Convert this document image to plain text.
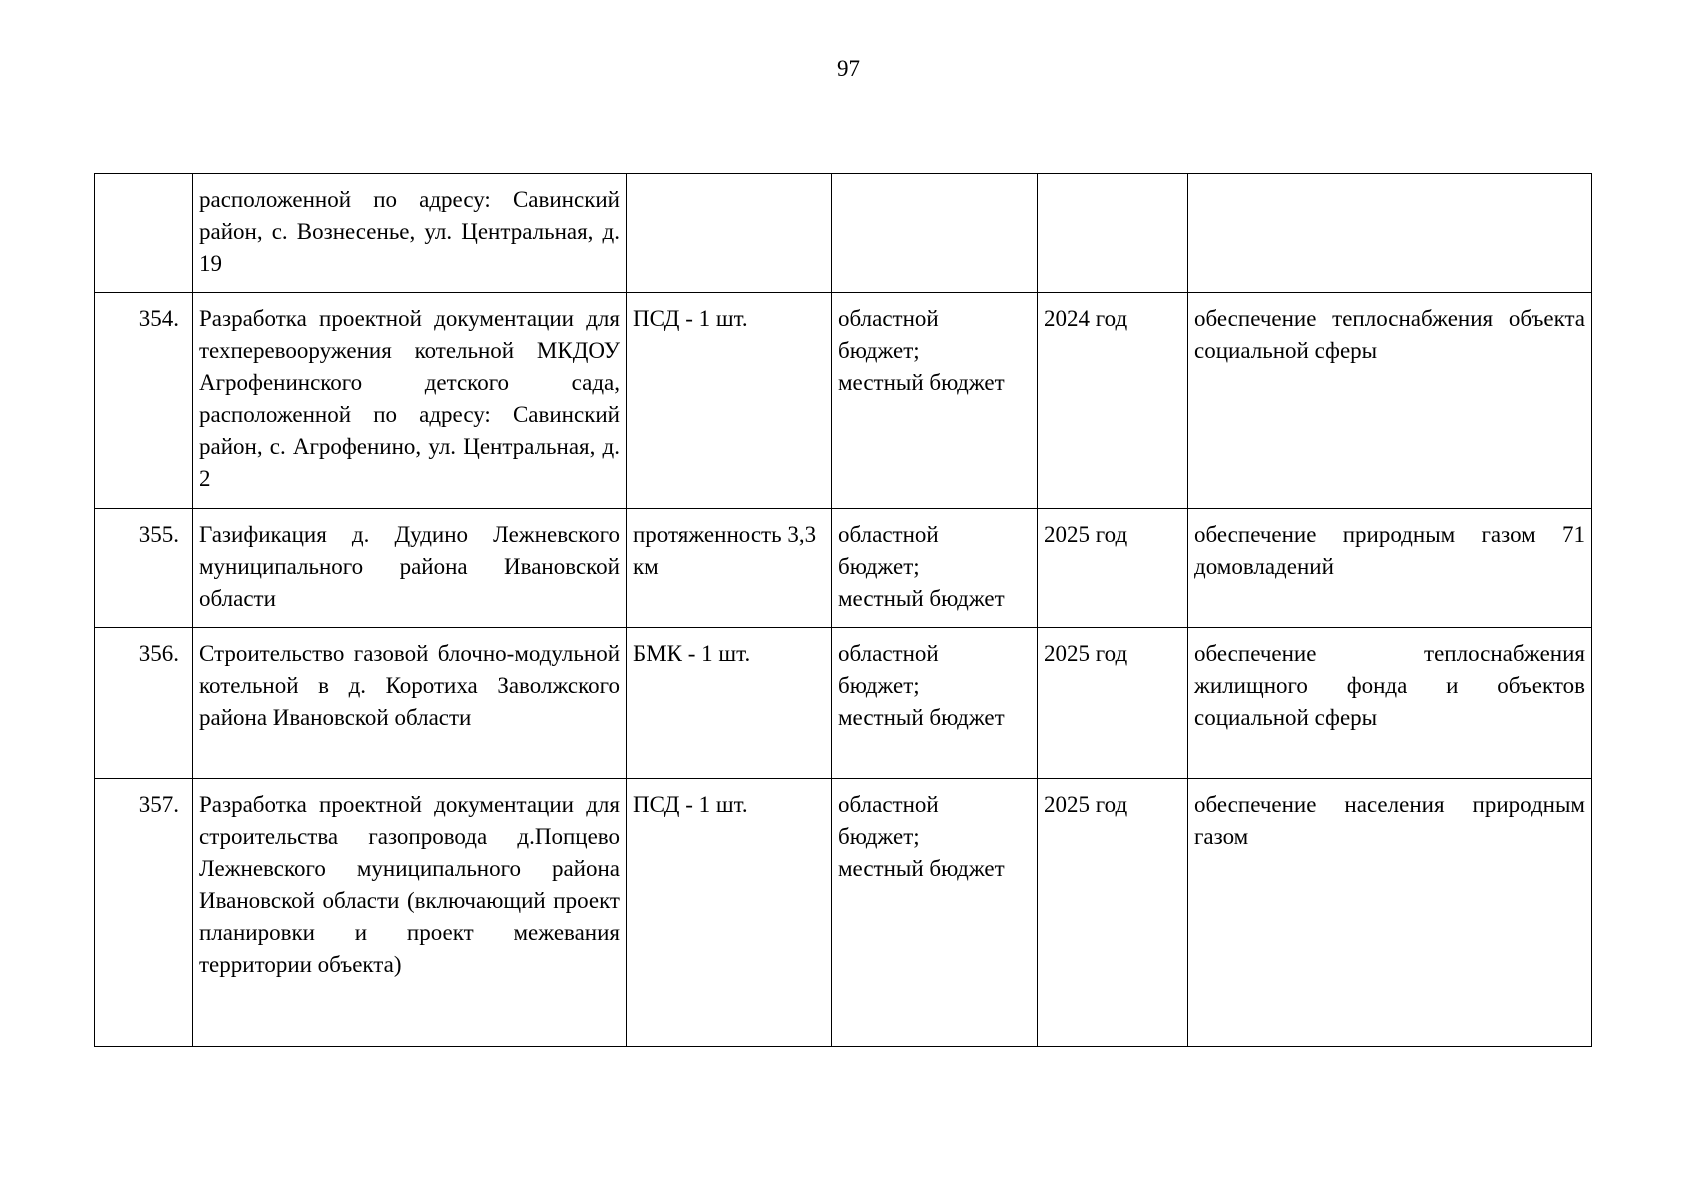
97
	расположенной по адресу: Савинский район, с. Вознесенье, ул. Центральная, д. 19				
354.	Разработка проектной документации для техперевооружения котельной МКДОУ Агрофенинского детского сада, расположенной по адресу: Савинский район, с. Агрофенино, ул. Центральная, д. 2	ПСД - 1 шт.	областной
бюджет;
местный бюджет	2024 год	обеспечение теплоснабжения объекта социальной сферы
355.	Газификация д. Дудино Лежневского муниципального района Ивановской области	протяженность 3,3 км	областной
бюджет;
местный бюджет	2025 год	обеспечение природным газом 71 домовладений
356.	Строительство газовой блочно-модульной котельной в д. Коротиха Заволжского района Ивановской области	БМК - 1 шт.	областной
бюджет;
местный бюджет	2025 год	обеспечение теплоснабжения жилищного фонда и объектов социальной сферы
357.	Разработка проектной документации для строительства газопровода д.Попцево Лежневского муниципального района Ивановской области (включающий проект планировки и проект межевания территории объекта)	ПСД - 1 шт.	областной
бюджет;
местный бюджет	2025 год	обеспечение населения природным газом
